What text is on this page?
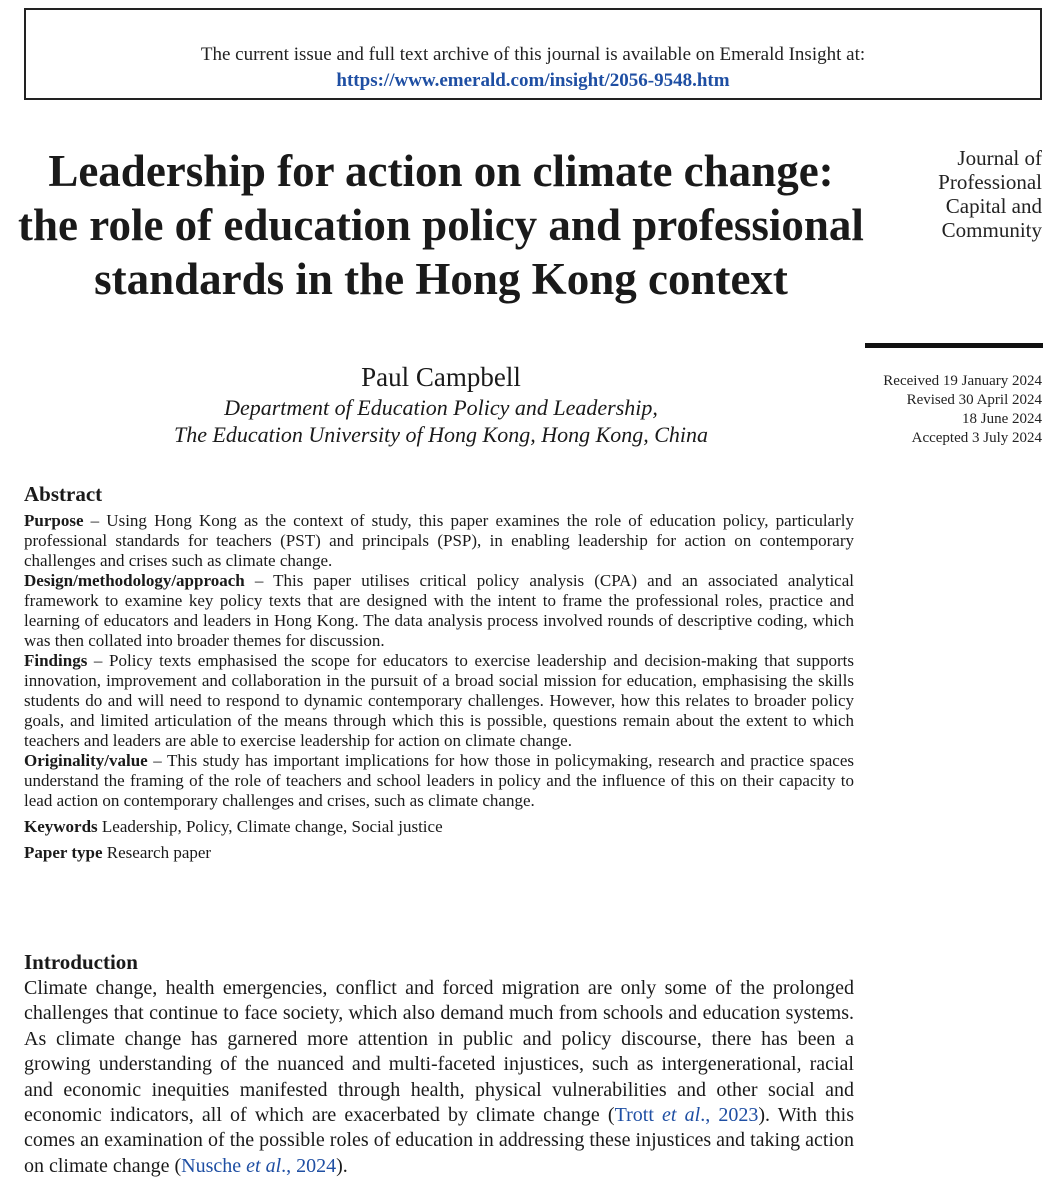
The current issue and full text archive of this journal is available on Emerald Insight at:
https://www.emerald.com/insight/2056-9548.htm
Leadership for action on climate change: the role of education policy and professional standards in the Hong Kong context
Journal of
Professional
Capital and
Community
Received 19 January 2024
Revised 30 April 2024
18 June 2024
Accepted 3 July 2024
Paul Campbell
Department of Education Policy and Leadership,
The Education University of Hong Kong, Hong Kong, China
Abstract

Purpose – Using Hong Kong as the context of study, this paper examines the role of education policy, particularly professional standards for teachers (PST) and principals (PSP), in enabling leadership for action on contemporary challenges and crises such as climate change.

Design/methodology/approach – This paper utilises critical policy analysis (CPA) and an associated analytical framework to examine key policy texts that are designed with the intent to frame the professional roles, practice and learning of educators and leaders in Hong Kong. The data analysis process involved rounds of descriptive coding, which was then collated into broader themes for discussion.

Findings – Policy texts emphasised the scope for educators to exercise leadership and decision-making that supports innovation, improvement and collaboration in the pursuit of a broad social mission for education, emphasising the skills students do and will need to respond to dynamic contemporary challenges. However, how this relates to broader policy goals, and limited articulation of the means through which this is possible, questions remain about the extent to which teachers and leaders are able to exercise leadership for action on climate change.

Originality/value – This study has important implications for how those in policymaking, research and practice spaces understand the framing of the role of teachers and school leaders in policy and the influence of this on their capacity to lead action on contemporary challenges and crises, such as climate change.

Keywords Leadership, Policy, Climate change, Social justice

Paper type Research paper

Introduction

Climate change, health emergencies, conflict and forced migration are only some of the prolonged challenges that continue to face society, which also demand much from schools and education systems. As climate change has garnered more attention in public and policy discourse, there has been a growing understanding of the nuanced and multi-faceted injustices, such as intergenerational, racial and economic inequities manifested through health, physical vulnerabilities and other social and economic indicators, all of which are exacerbated by climate change (Trott et al., 2023). With this comes an examination of the possible roles of education in addressing these injustices and taking action on climate change (Nusche et al., 2024).
